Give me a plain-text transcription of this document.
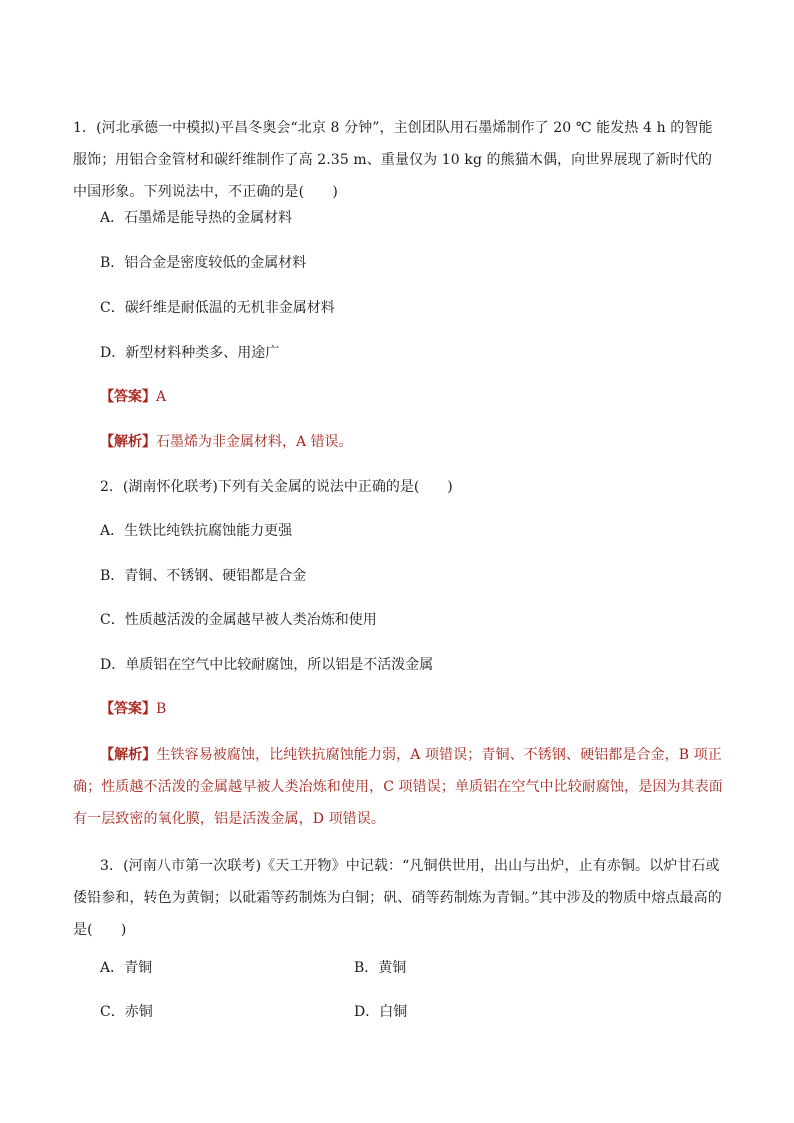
1．(河北承德一中模拟)平昌冬奥会“北京 8 分钟”，主创团队用石墨烯制作了 20 ℃ 能发热 4 h 的智能服饰；用铝合金管材和碳纤维制作了高 2.35 m、重量仅为 10 kg 的熊猫木偶，向世界展现了新时代的中国形象。下列说法中，不正确的是(　　)
A．石墨烯是能导热的金属材料
B．铝合金是密度较低的金属材料
C．碳纤维是耐低温的无机非金属材料
D．新型材料种类多、用途广
【答案】A
【解析】石墨烯为非金属材料，A 错误。
2．(湖南怀化联考)下列有关金属的说法中正确的是(　　)
A．生铁比纯铁抗腐蚀能力更强
B．青铜、不锈钢、硬铝都是合金
C．性质越活泼的金属越早被人类冶炼和使用
D．单质铝在空气中比较耐腐蚀，所以铝是不活泼金属
【答案】B
【解析】生铁容易被腐蚀，比纯铁抗腐蚀能力弱，A 项错误；青铜、不锈钢、硬铝都是合金，B 项正确；性质越不活泼的金属越早被人类冶炼和使用，C 项错误；单质铝在空气中比较耐腐蚀，是因为其表面有一层致密的氧化膜，铝是活泼金属，D 项错误。
3．(河南八市第一次联考)《天工开物》中记载：“凡铜供世用，出山与出炉，止有赤铜。以炉甘石或倭铅参和，转色为黄铜；以砒霜等药制炼为白铜；矾、硝等药制炼为青铜。”其中涉及的物质中熔点最高的是(　　)
A．青铜	B．黄铜
C．赤铜	D．白铜
